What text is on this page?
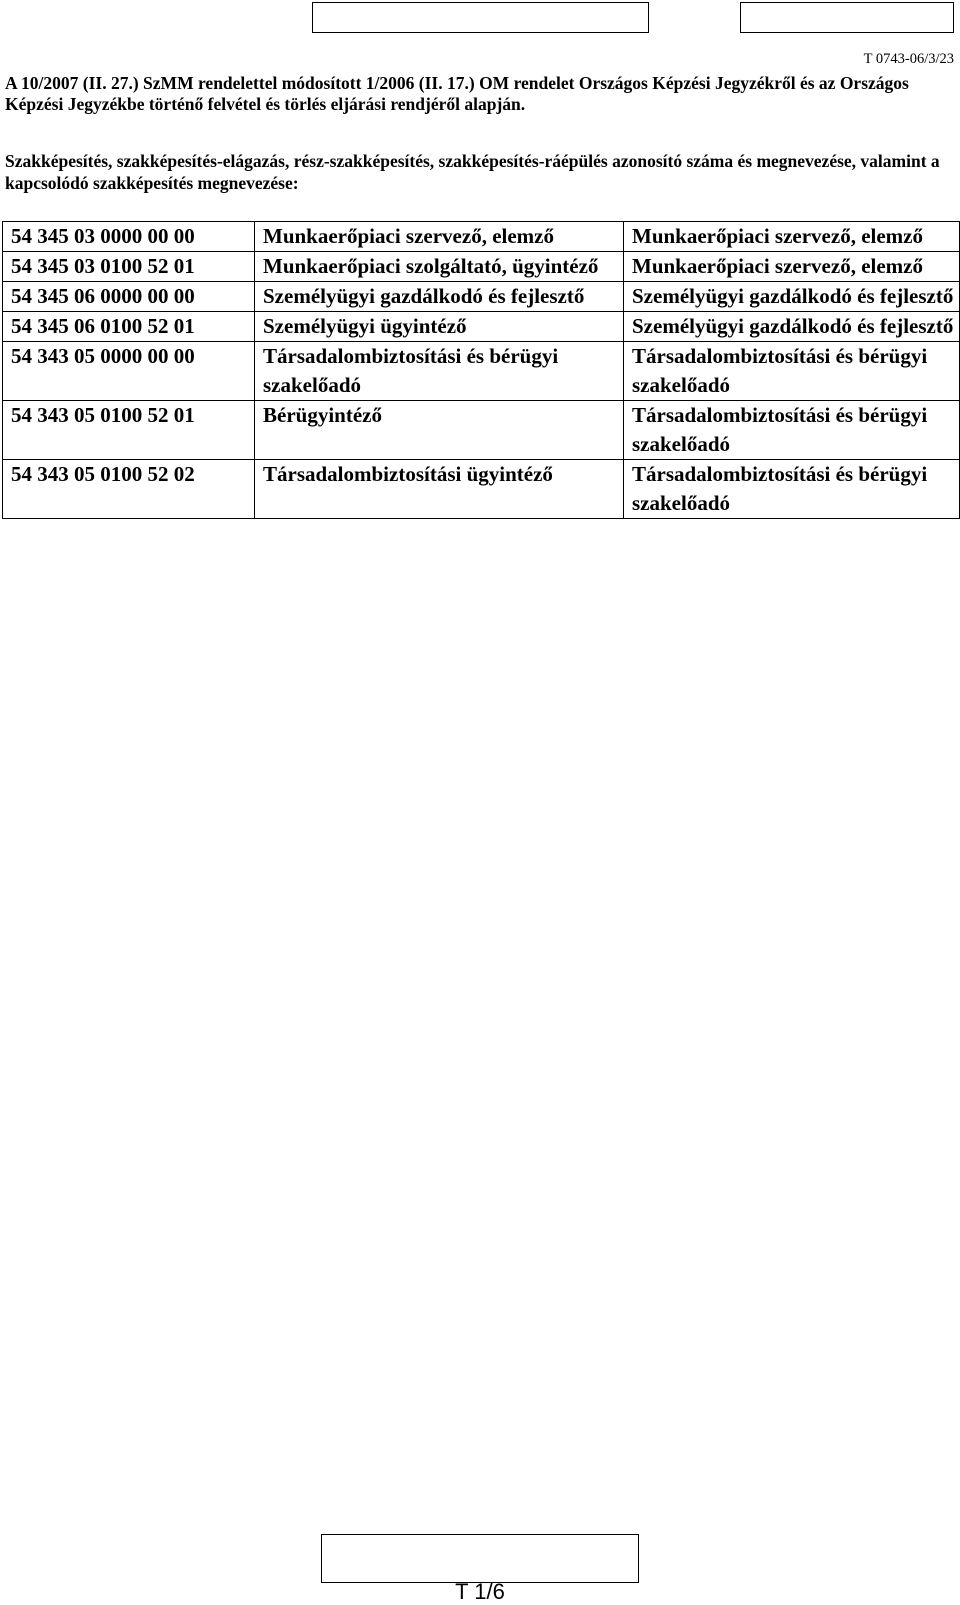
T 0743-06/3/23

A 10/2007 (II. 27.) SzMM rendelettel módosított 1/2006 (II. 17.) OM rendelet Országos Képzési Jegyzékről és az Országos Képzési Jegyzékbe történő felvétel és törlés eljárási rendjéről alapján.

Szakképesítés, szakképesítés-elágazás, rész-szakképesítés, szakképesítés-ráépülés azonosító száma és megnevezése, valamint a kapcsolódó szakképesítés megnevezése:

54 345 03 0000 00 00	Munkaerőpiaci szervező, elemző	Munkaerőpiaci szervező, elemző
54 345 03 0100 52 01	Munkaerőpiaci szolgáltató, ügyintéző	Munkaerőpiaci szervező, elemző
54 345 06 0000 00 00	Személyügyi gazdálkodó és fejlesztő	Személyügyi gazdálkodó és fejlesztő
54 345 06 0100 52 01	Személyügyi ügyintéző	Személyügyi gazdálkodó és fejlesztő
54 343 05 0000 00 00	Társadalombiztosítási és bérügyi szakelőadó	Társadalombiztosítási és bérügyi szakelőadó
54 343 05 0100 52 01	Bérügyintéző	Társadalombiztosítási és bérügyi szakelőadó
54 343 05 0100 52 02	Társadalombiztosítási ügyintéző	Társadalombiztosítási és bérügyi szakelőadó
T 1/6
